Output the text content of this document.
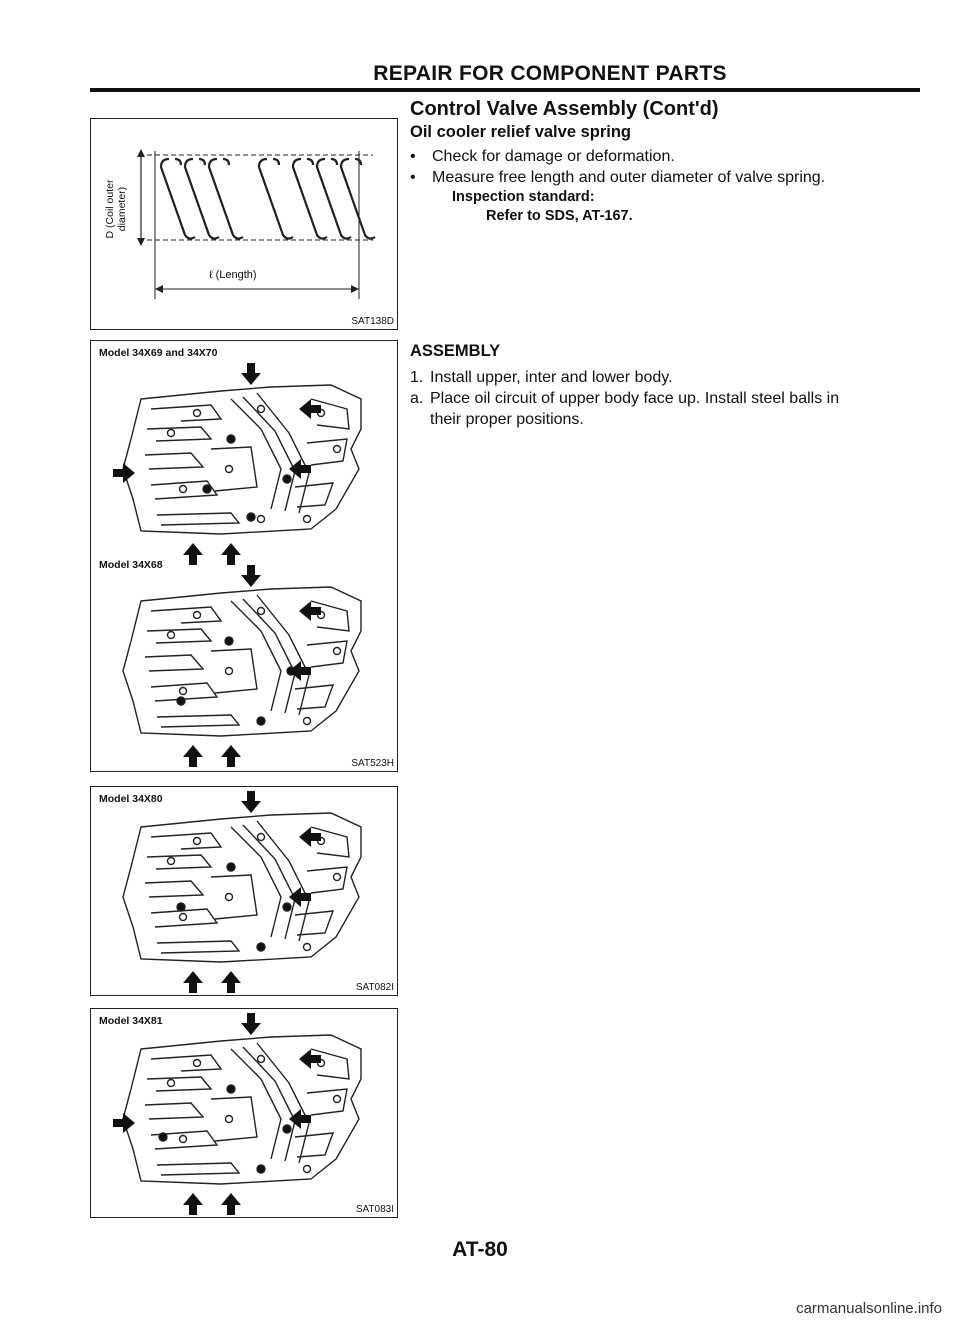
REPAIR FOR COMPONENT PARTS
Control Valve Assembly (Cont'd)
Oil cooler relief valve spring
• Check for damage or deformation.
• Measure free length and outer diameter of valve spring.
Inspection standard:
Refer to SDS, AT-167.
ASSEMBLY
1. Install upper, inter and lower body.
a. Place oil circuit of upper body face up. Install steel balls in
their proper positions.
D (Coil outer diameter)
ℓ (Length)
SAT138D
Model 34X69 and 34X70
Model 34X68
SAT523H
Model 34X80
SAT082I
Model 34X81
SAT083I
AT-80
carmanualsonline.info
